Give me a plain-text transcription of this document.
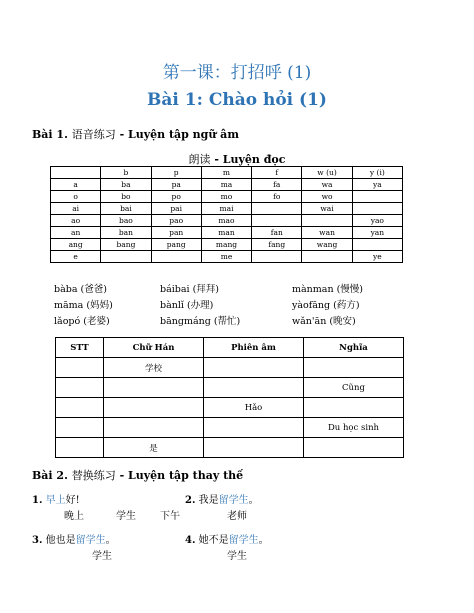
第一课：打招呼 (1)
Bài 1: Chào hỏi (1)
Bài 1. 语音练习 - Luyện tập ngữ âm
朗读 - Luyện đọc
	b	p	m	f	w (u)	y (i)
a	ba	pa	ma	fa	wa	ya
o	bo	po	mo	fo	wo	
ai	bai	pai	mai		wai	
ao	bao	pao	mao			yao
an	ban	pan	man	fan	wan	yan
ang	bang	pang	mang	fang	wang	
e			me			ye
bàba (爸爸)	báibai (拜拜)	mànman (慢慢)
māma (妈妈)	bànlǐ (办理)	yàofāng (药方)
lǎopó (老婆)	bāngmáng (帮忙)	wǎn'ān (晚安)
STT	Chữ Hán	Phiên âm	Nghĩa
	学校		
			Cũng
		Hǎo	
			Du học sinh
	是		
Bài 2. 替换练习 - Luyện tập thay thế
1. 早上好!	2. 我是留学生。
晚上	学生 下午	老师
3. 他也是留学生。	4. 她不是留学生。
学生	学生
